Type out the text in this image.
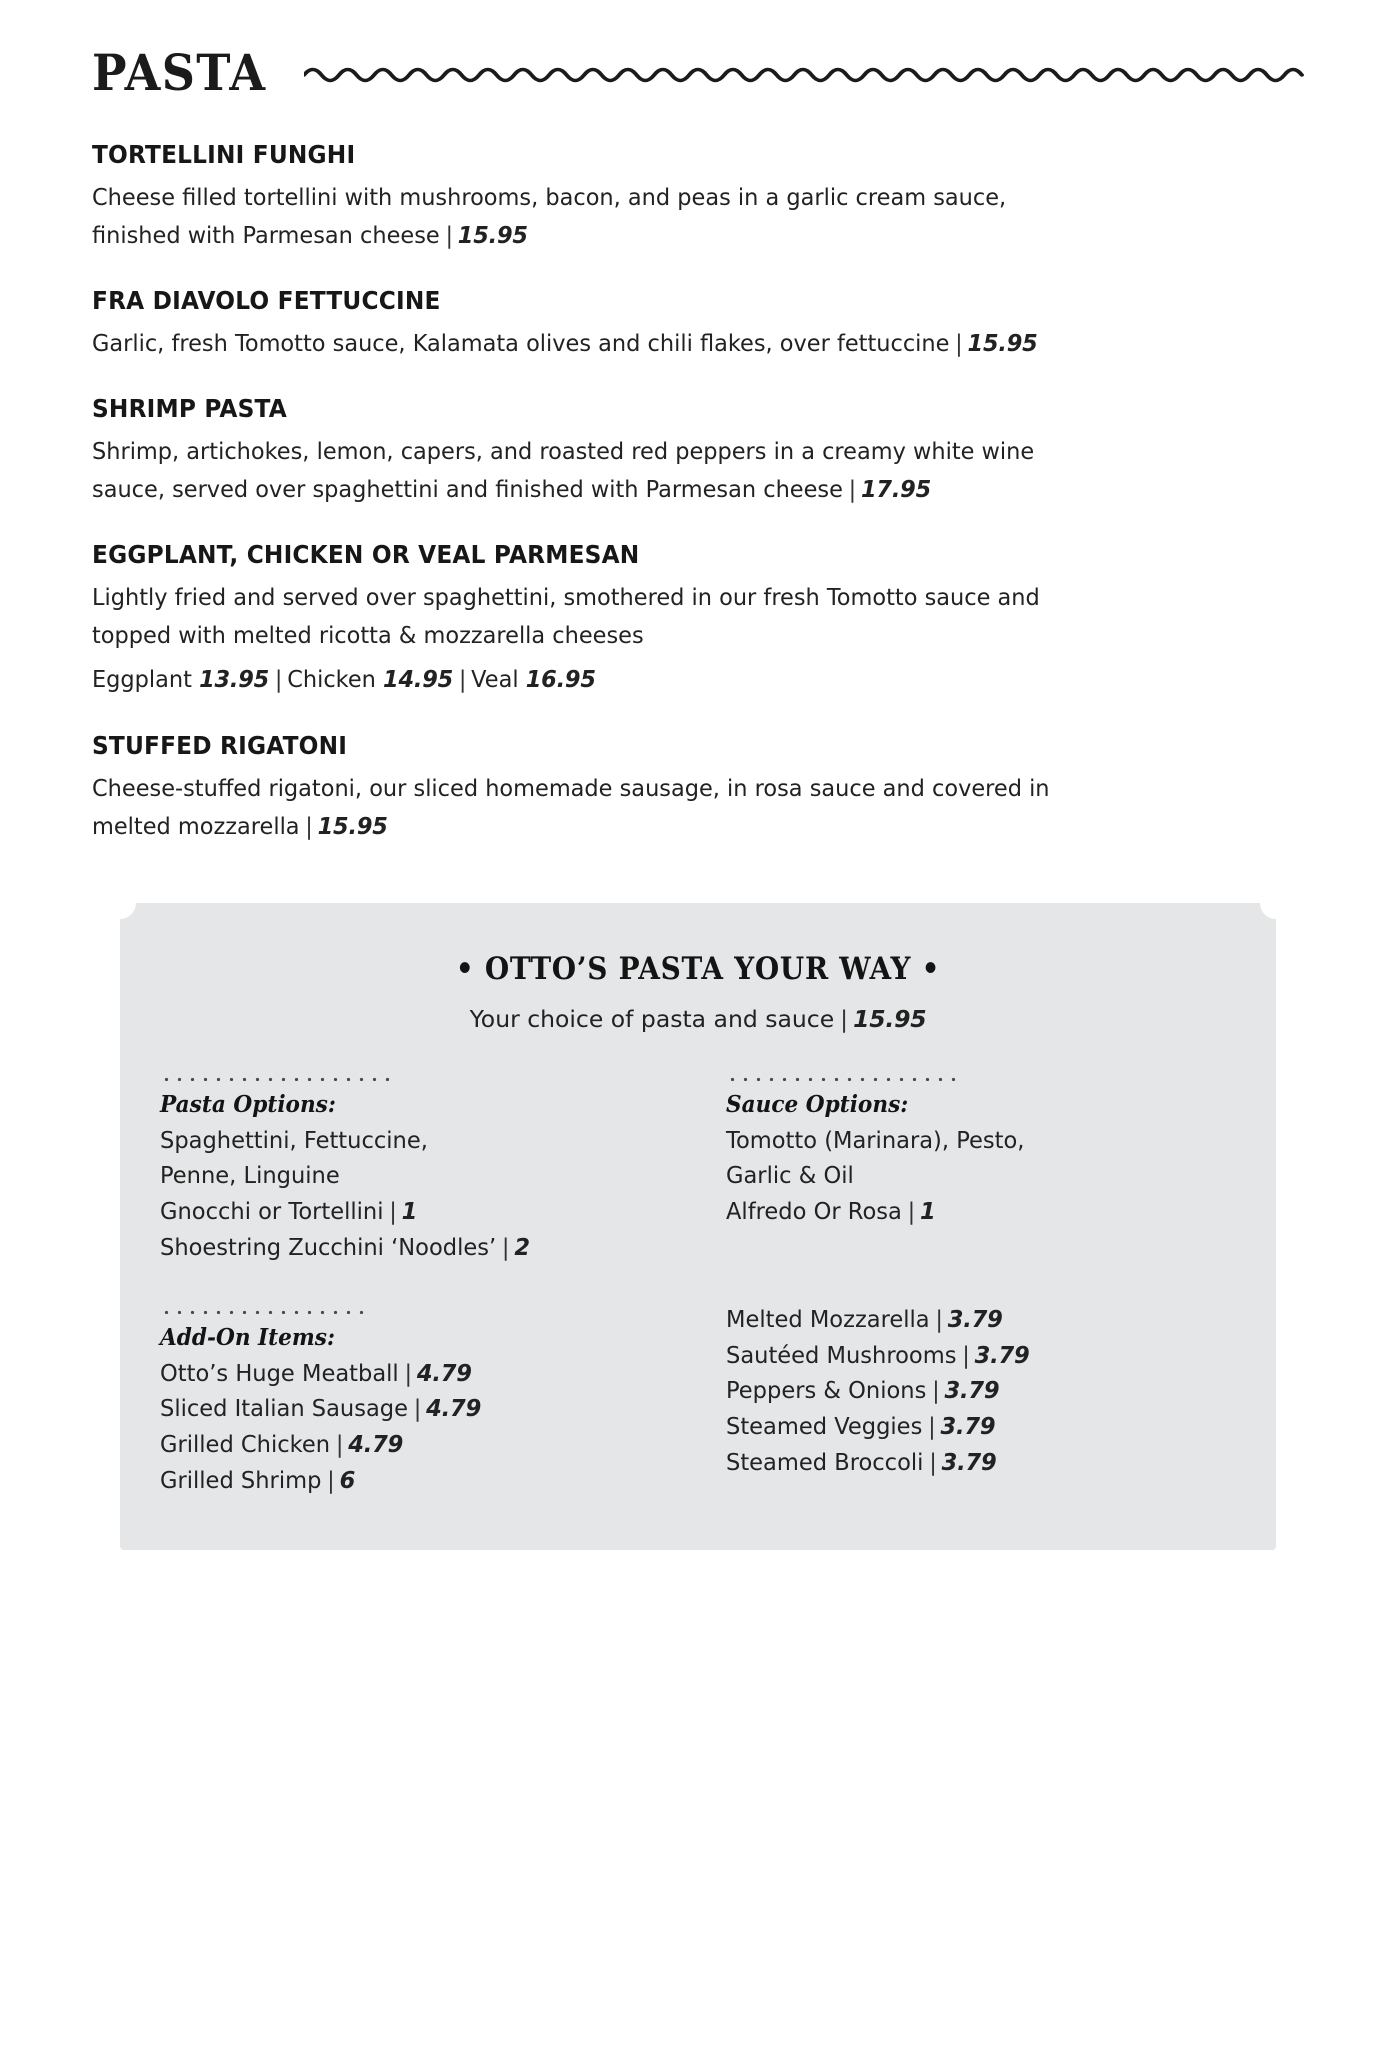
PASTA
TORTELLINI FUNGHI
Cheese filled tortellini with mushrooms, bacon, and peas in a garlic cream sauce, finished with Parmesan cheese | 15.95
FRA DIAVOLO FETTUCCINE
Garlic, fresh Tomotto sauce, Kalamata olives and chili flakes, over fettuccine | 15.95
SHRIMP PASTA
Shrimp, artichokes, lemon, capers, and roasted red peppers in a creamy white wine sauce, served over spaghettini and finished with Parmesan cheese | 17.95
EGGPLANT, CHICKEN OR VEAL PARMESAN
Lightly fried and served over spaghettini, smothered in our fresh Tomotto sauce and topped with melted ricotta & mozzarella cheeses
Eggplant 13.95 | Chicken 14.95 | Veal 16.95
STUFFED RIGATONI
Cheese-stuffed rigatoni, our sliced homemade sausage, in rosa sauce and covered in melted mozzarella | 15.95
• OTTO’S PASTA YOUR WAY •
Your choice of pasta and sauce | 15.95
Pasta Options:
Spaghettini, Fettuccine,
Penne, Linguine
Gnocchi or Tortellini | 1
Shoestring Zucchini ‘Noodles’ | 2
Add-On Items:
Otto’s Huge Meatball | 4.79
Sliced Italian Sausage | 4.79
Grilled Chicken | 4.79
Grilled Shrimp | 6
Sauce Options:
Tomotto (Marinara), Pesto,
Garlic & Oil
Alfredo Or Rosa | 1
Melted Mozzarella | 3.79
Sautéed Mushrooms | 3.79
Peppers & Onions | 3.79
Steamed Veggies | 3.79
Steamed Broccoli | 3.79
